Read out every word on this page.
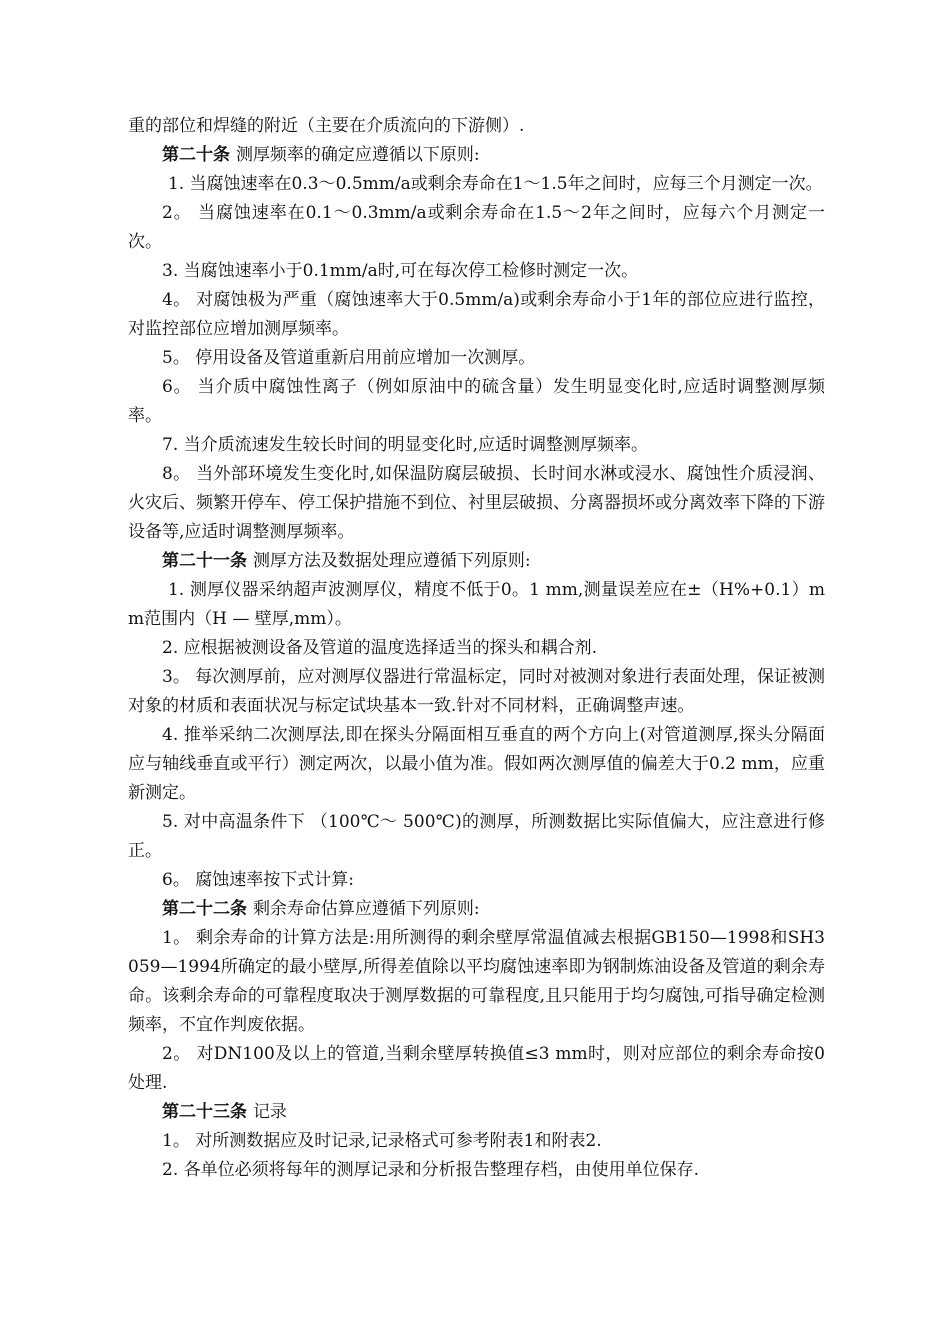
重的部位和焊缝的附近（主要在介质流向的下游侧）.

第二十条 测厚频率的确定应遵循以下原则:

1. 当腐蚀速率在0.3～0.5mm/a或剩余寿命在1～1.5年之间时，应每三个月测定一次。

2。 当腐蚀速率在0.1～0.3mm/a或剩余寿命在1.5～2年之间时，应每六个月测定一次。

3. 当腐蚀速率小于0.1mm/a时,可在每次停工检修时测定一次。

4。 对腐蚀极为严重（腐蚀速率大于0.5mm/a)或剩余寿命小于1年的部位应进行监控，对监控部位应增加测厚频率。

5。 停用设备及管道重新启用前应增加一次测厚。

6。 当介质中腐蚀性离子（例如原油中的硫含量）发生明显变化时,应适时调整测厚频率。

7. 当介质流速发生较长时间的明显变化时,应适时调整测厚频率。

8。 当外部环境发生变化时,如保温防腐层破损、长时间水淋或浸水、腐蚀性介质浸润、火灾后、频繁开停车、停工保护措施不到位、衬里层破损、分离器损坏或分离效率下降的下游设备等,应适时调整测厚频率。

第二十一条 测厚方法及数据处理应遵循下列原则:

1. 测厚仪器采纳超声波测厚仪，精度不低于0。1 mm,测量误差应在±（H%+0.1）mm范围内（H — 壁厚,mm）。

2. 应根据被测设备及管道的温度选择适当的探头和耦合剂.

3。 每次测厚前，应对测厚仪器进行常温标定，同时对被测对象进行表面处理，保证被测对象的材质和表面状况与标定试块基本一致.针对不同材料，正确调整声速。

4. 推举采纳二次测厚法,即在探头分隔面相互垂直的两个方向上(对管道测厚,探头分隔面应与轴线垂直或平行）测定两次，以最小值为准。假如两次测厚值的偏差大于0.2 mm，应重新测定。

5. 对中高温条件下 （100℃～ 500℃)的测厚，所测数据比实际值偏大，应注意进行修正。

6。 腐蚀速率按下式计算:

第二十二条 剩余寿命估算应遵循下列原则:

1。 剩余寿命的计算方法是:用所测得的剩余壁厚常温值减去根据GB150—1998和SH3059—1994所确定的最小壁厚,所得差值除以平均腐蚀速率即为钢制炼油设备及管道的剩余寿命。该剩余寿命的可靠程度取决于测厚数据的可靠程度,且只能用于均匀腐蚀,可指导确定检测频率，不宜作判废依据。

2。 对DN100及以上的管道,当剩余壁厚转换值≤3 mm时，则对应部位的剩余寿命按0处理.

第二十三条 记录

1。 对所测数据应及时记录,记录格式可参考附表1和附表2.

2. 各单位必须将每年的测厚记录和分析报告整理存档，由使用单位保存.
